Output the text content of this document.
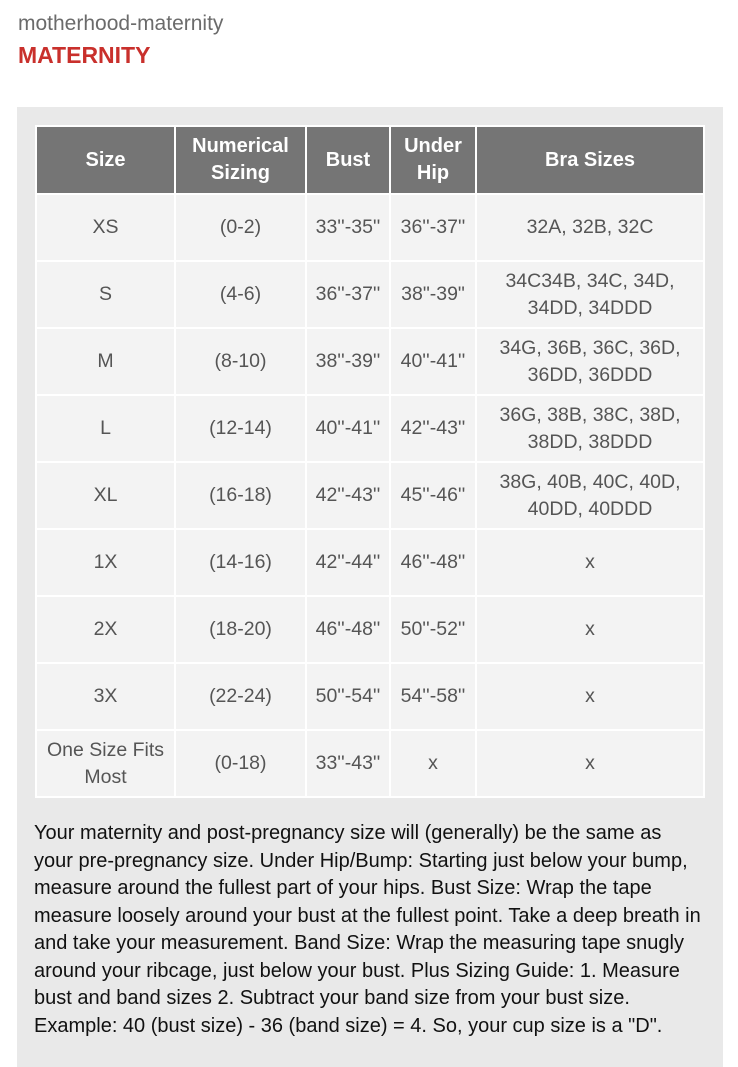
motherhood-maternity
MATERNITY
Size	Numerical Sizing	Bust	Under Hip	Bra Sizes
XS	(0-2)	33''-35''	36''-37''	32A, 32B, 32C
S	(4-6)	36''-37''	38"-39"	34C34B, 34C, 34D, 34DD, 34DDD
M	(8-10)	38''-39''	40''-41''	34G, 36B, 36C, 36D, 36DD, 36DDD
L	(12-14)	40''-41''	42''-43''	36G, 38B, 38C, 38D, 38DD, 38DDD
XL	(16-18)	42''-43''	45''-46''	38G, 40B, 40C, 40D, 40DD, 40DDD
1X	(14-16)	42''-44''	46''-48''	x
2X	(18-20)	46''-48''	50''-52''	x
3X	(22-24)	50''-54''	54''-58''	x
One Size Fits Most	(0-18)	33''-43''	x	x
Your maternity and post-pregnancy size will (generally) be the same as your pre-pregnancy size. Under Hip/Bump: Starting just below your bump, measure around the fullest part of your hips. Bust Size: Wrap the tape measure loosely around your bust at the fullest point. Take a deep breath in and take your measurement. Band Size: Wrap the measuring tape snugly around your ribcage, just below your bust. Plus Sizing Guide: 1. Measure bust and band sizes 2. Subtract your band size from your bust size. Example: 40 (bust size) - 36 (band size) = 4. So, your cup size is a "D".
